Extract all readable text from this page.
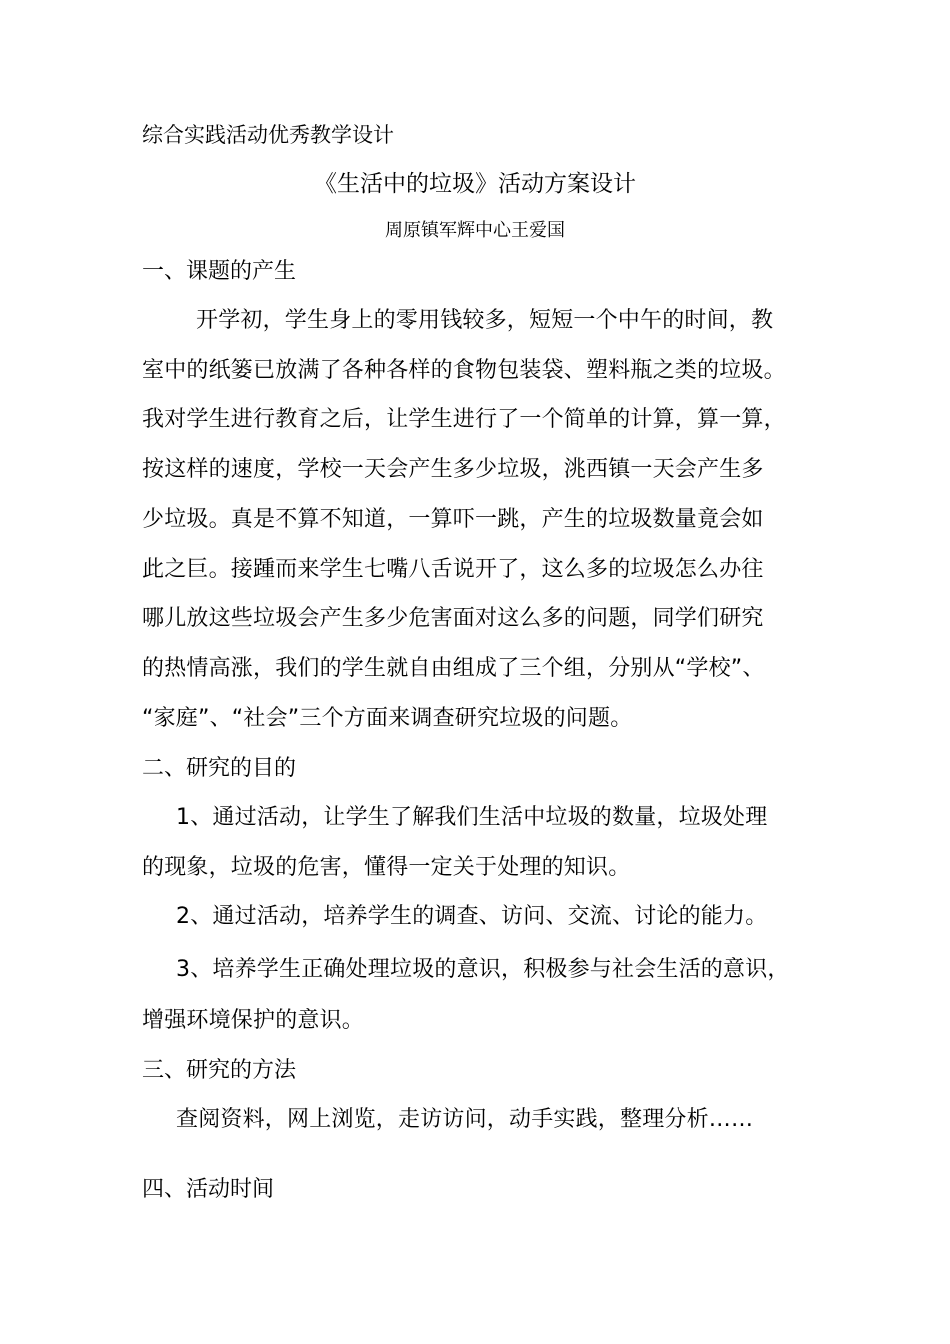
综合实践活动优秀教学设计
《生活中的垃圾》活动方案设计
周原镇军辉中心王爱国
一、课题的产生
开学初，学生身上的零用钱较多，短短一个中午的时间，教
室中的纸篓已放满了各种各样的食物包装袋、塑料瓶之类的垃圾。
我对学生进行教育之后，让学生进行了一个简单的计算，算一算，
按这样的速度，学校一天会产生多少垃圾，洮西镇一天会产生多
少垃圾。真是不算不知道，一算吓一跳，产生的垃圾数量竟会如
此之巨。接踵而来学生七嘴八舌说开了，这么多的垃圾怎么办往
哪儿放这些垃圾会产生多少危害面对这么多的问题，同学们研究
的热情高涨，我们的学生就自由组成了三个组，分别从“学校”、
“家庭”、“社会”三个方面来调查研究垃圾的问题。
二、研究的目的
1、通过活动，让学生了解我们生活中垃圾的数量，垃圾处理
的现象，垃圾的危害，懂得一定关于处理的知识。
2、通过活动，培养学生的调查、访问、交流、讨论的能力。
3、培养学生正确处理垃圾的意识，积极参与社会生活的意识，
增强环境保护的意识。
三、研究的方法
查阅资料，网上浏览，走访访问，动手实践，整理分析……
四、活动时间
